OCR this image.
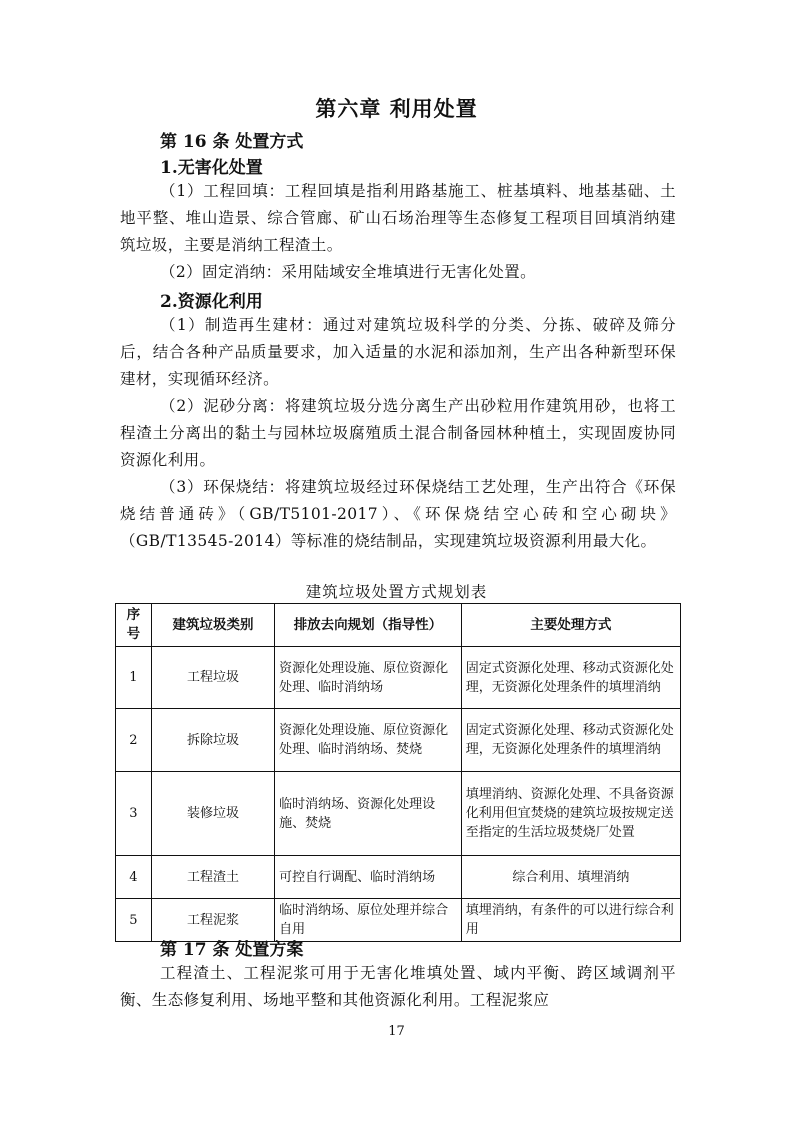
第六章 利用处置
第 16 条 处置方式
1.无害化处置
（1）工程回填：工程回填是指利用路基施工、桩基填料、地基基础、土地平整、堆山造景、综合管廊、矿山石场治理等生态修复工程项目回填消纳建筑垃圾，主要是消纳工程渣土。
（2）固定消纳：采用陆域安全堆填进行无害化处置。
2.资源化利用
（1）制造再生建材：通过对建筑垃圾科学的分类、分拣、破碎及筛分后，结合各种产品质量要求，加入适量的水泥和添加剂，生产出各种新型环保建材，实现循环经济。
（2）泥砂分离：将建筑垃圾分选分离生产出砂粒用作建筑用砂，也将工程渣土分离出的黏土与园林垃圾腐殖质土混合制备园林种植土，实现固废协同资源化利用。
（3）环保烧结：将建筑垃圾经过环保烧结工艺处理，生产出符合《环保烧结普通砖》（GB/T5101-2017）、《环保烧结空心砖和空心砌块》（GB/T13545-2014）等标准的烧结制品，实现建筑垃圾资源利用最大化。
建筑垃圾处置方式规划表
序号	建筑垃圾类别	排放去向规划（指导性）	主要处理方式
1	工程垃圾	资源化处理设施、原位资源化处理、临时消纳场	固定式资源化处理、移动式资源化处理，无资源化处理条件的填埋消纳
2	拆除垃圾	资源化处理设施、原位资源化处理、临时消纳场、焚烧	固定式资源化处理、移动式资源化处理，无资源化处理条件的填埋消纳
3	装修垃圾	临时消纳场、资源化处理设施、焚烧	填埋消纳、资源化处理、不具备资源化利用但宜焚烧的建筑垃圾按规定送至指定的生活垃圾焚烧厂处置
4	工程渣土	可控自行调配、临时消纳场	综合利用、填埋消纳
5	工程泥浆	临时消纳场、原位处理并综合自用	填埋消纳，有条件的可以进行综合利用
第 17 条 处置方案
工程渣土、工程泥浆可用于无害化堆填处置、域内平衡、跨区域调剂平衡、生态修复利用、场地平整和其他资源化利用。工程泥浆应
17
